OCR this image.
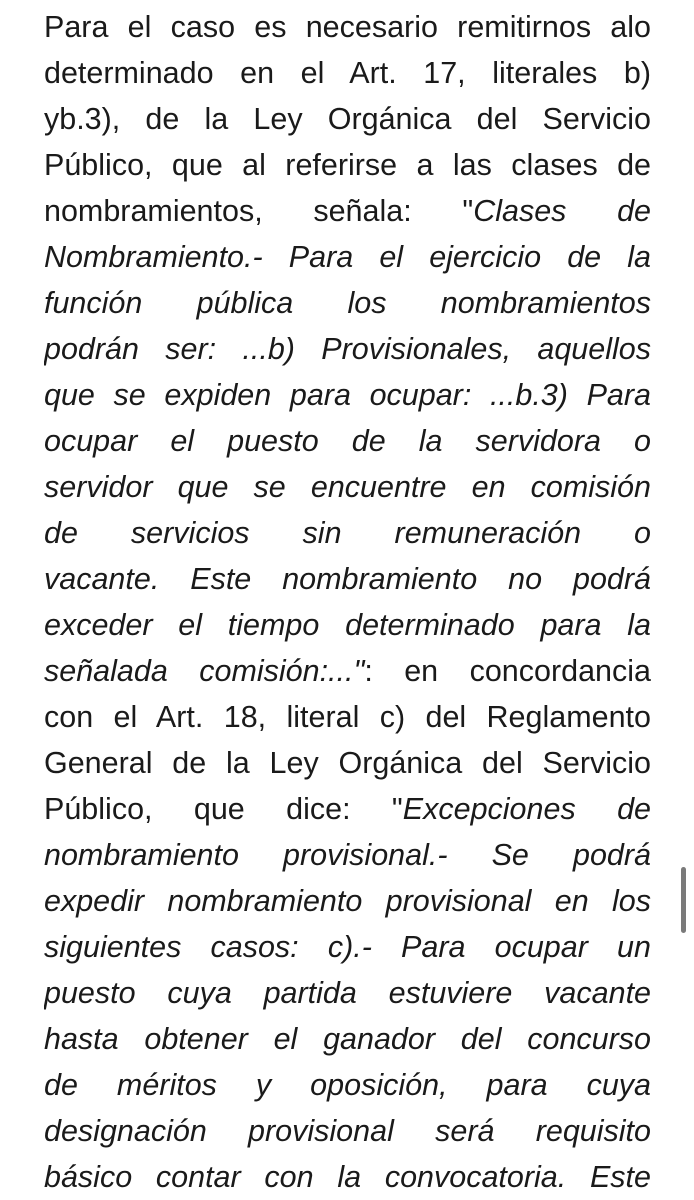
Para el caso es necesario remitirnos alo
determinado en el Art. 17, literales b)
yb.3), de la Ley Orgánica del Servicio
Público, que al referirse a las clases de
nombramientos, señala: "Clases de
Nombramiento.- Para el ejercicio de la
función pública los nombramientos
podrán ser: ...b) Provisionales, aquellos
que se expiden para ocupar: ...b.3) Para
ocupar el puesto de la servidora o
servidor que se encuentre en comisión
de servicios sin remuneración o
vacante. Este nombramiento no podrá
exceder el tiempo determinado para la
señalada comisión:...": en concordancia
con el Art. 18, literal c) del Reglamento
General de la Ley Orgánica del Servicio
Público, que dice: "Excepciones de
nombramiento provisional.- Se podrá
expedir nombramiento provisional en los
siguientes casos: c).- Para ocupar un
puesto cuya partida estuviere vacante
hasta obtener el ganador del concurso
de méritos y oposición, para cuya
designación provisional será requisito
básico contar con la convocatoria. Este
